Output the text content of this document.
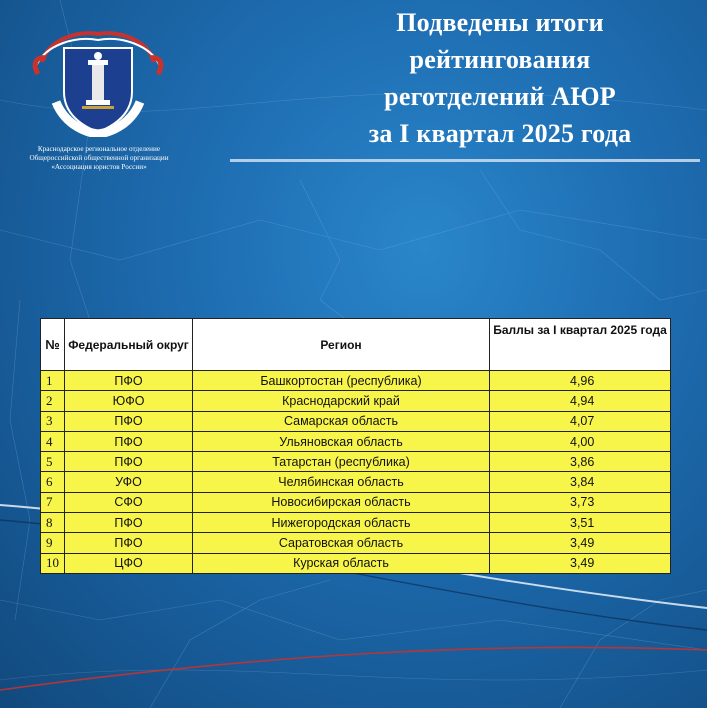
Краснодарское региональное отделение
Общероссийской общественной организации
«Ассоциация юристов России»
Подведены итоги
рейтингования
реготделений АЮР
за I квартал 2025 года
№	Федеральный округ	Регион	Баллы за I квартал 2025 года
1	ПФО	Башкортостан (республика)	4,96
2	ЮФО	Краснодарский край	4,94
3	ПФО	Самарская область	4,07
4	ПФО	Ульяновская область	4,00
5	ПФО	Татарстан (республика)	3,86
6	УФО	Челябинская область	3,84
7	СФО	Новосибирская область	3,73
8	ПФО	Нижегородская область	3,51
9	ПФО	Саратовская область	3,49
10	ЦФО	Курская область	3,49
